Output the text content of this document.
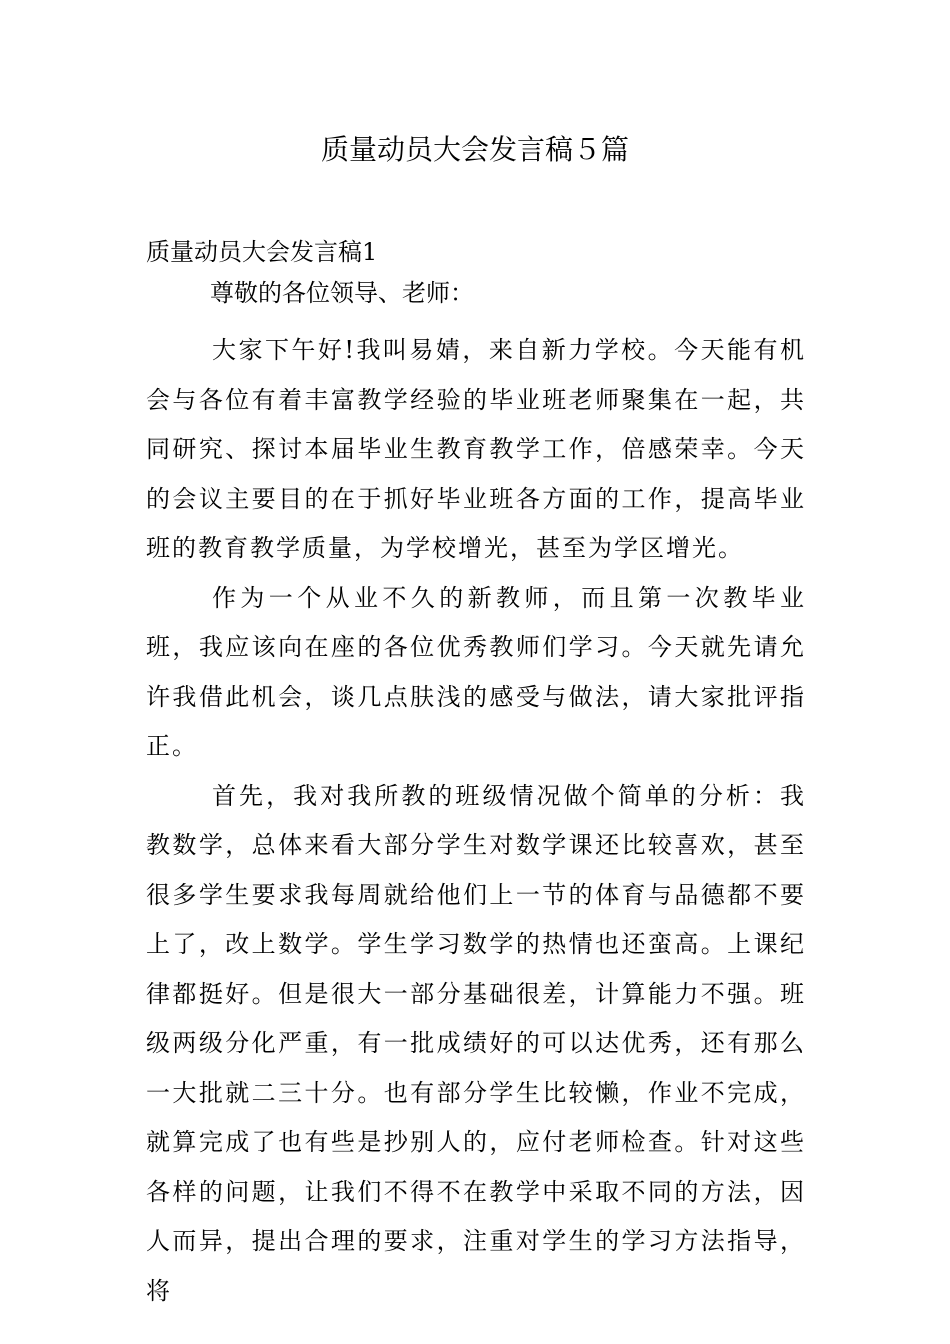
质量动员大会发言稿５篇
质量动员大会发言稿1

尊敬的各位领导、老师：

大家下午好!我叫易婧，来自新力学校。今天能有机会与各位有着丰富教学经验的毕业班老师聚集在一起，共同研究、探讨本届毕业生教育教学工作，倍感荣幸。今天的会议主要目的在于抓好毕业班各方面的工作，提高毕业班的教育教学质量，为学校增光，甚至为学区增光。

作为一个从业不久的新教师，而且第一次教毕业班，我应该向在座的各位优秀教师们学习。今天就先请允许我借此机会，谈几点肤浅的感受与做法，请大家批评指正。

首先，我对我所教的班级情况做个简单的分析：我教数学，总体来看大部分学生对数学课还比较喜欢，甚至很多学生要求我每周就给他们上一节的体育与品德都不要上了，改上数学。学生学习数学的热情也还蛮高。上课纪律都挺好。但是很大一部分基础很差，计算能力不强。班级两级分化严重，有一批成绩好的可以达优秀，还有那么一大批就二三十分。也有部分学生比较懒，作业不完成，就算完成了也有些是抄别人的，应付老师检查。针对这些各样的问题，让我们不得不在教学中采取不同的方法，因人而异，提出合理的要求，注重对学生的学习方法指导，将
